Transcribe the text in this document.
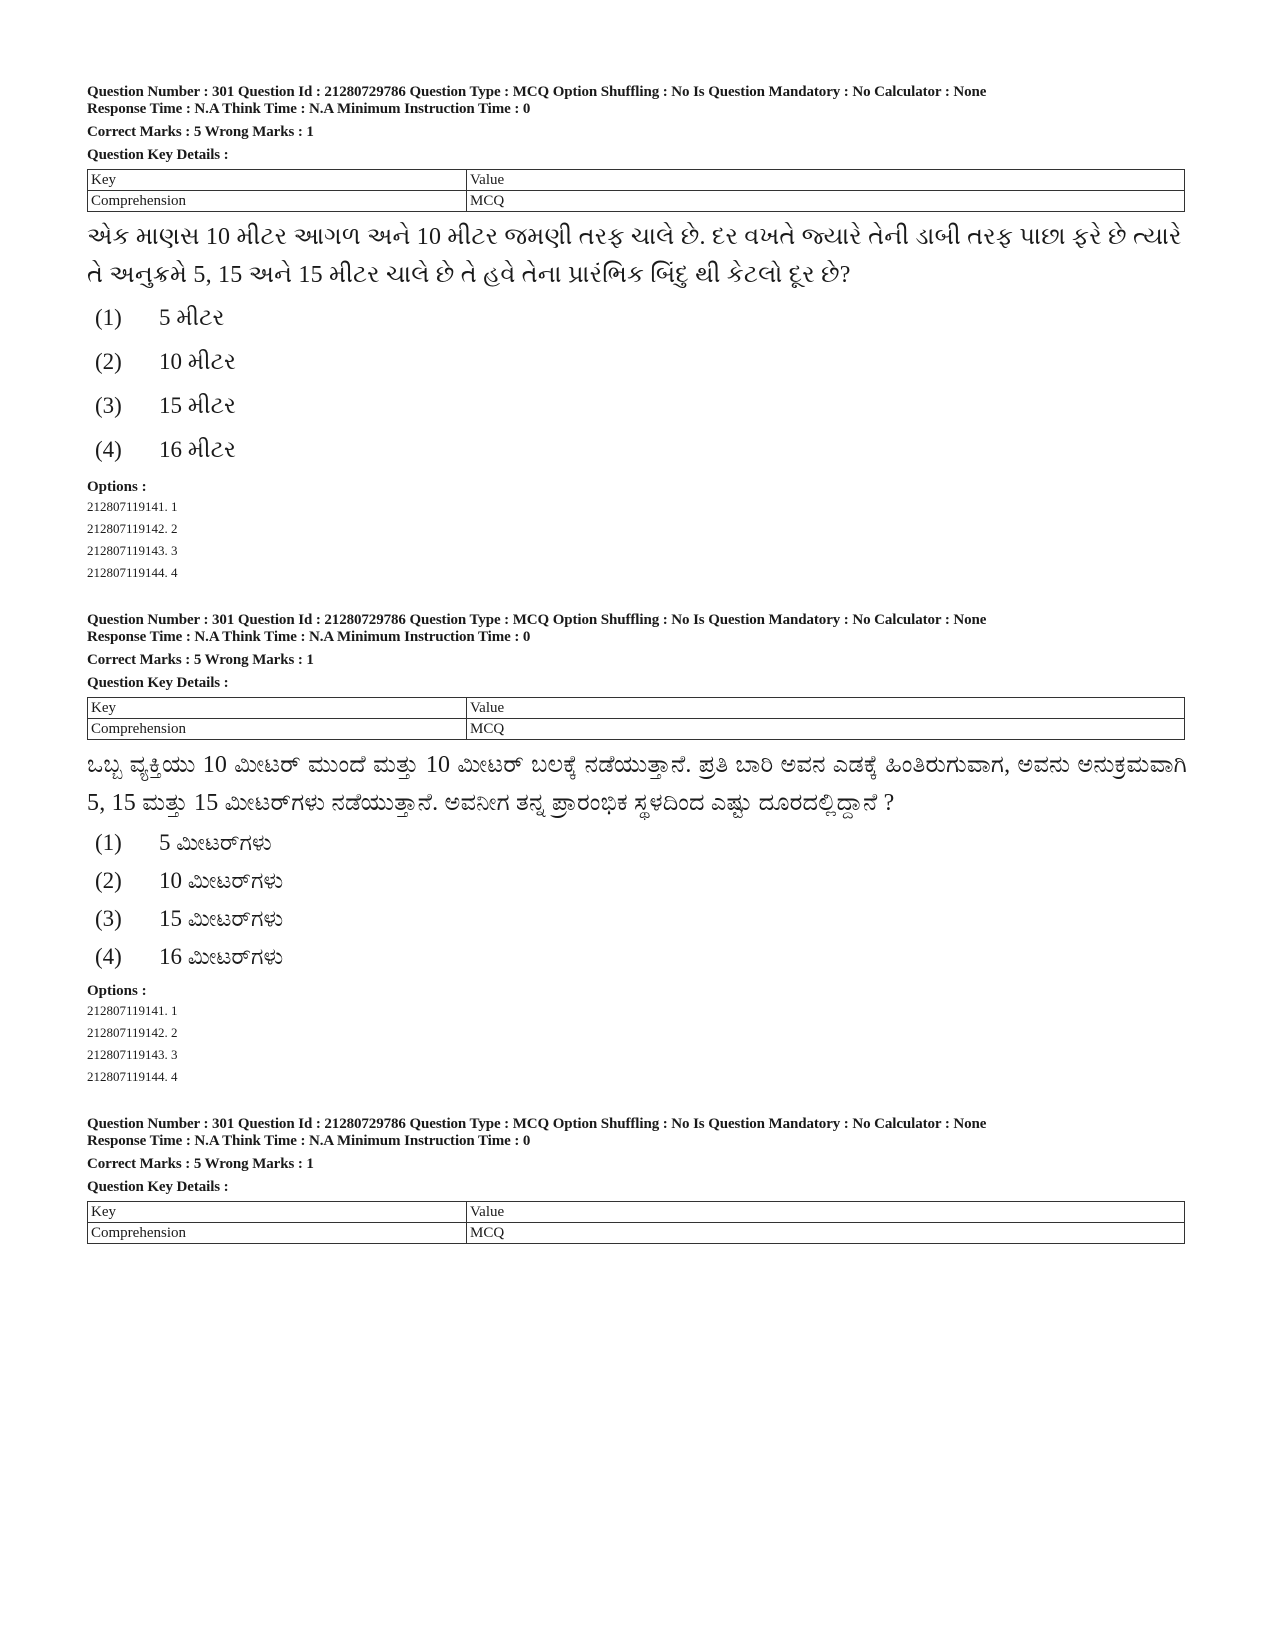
Question Number : 301 Question Id : 21280729786 Question Type : MCQ Option Shuffling : No Is Question Mandatory : No Calculator : None
Response Time : N.A Think Time : N.A Minimum Instruction Time : 0
Correct Marks : 5 Wrong Marks : 1
Question Key Details :
Key	Value
Comprehension	MCQ
એક માણસ 10 મીટર આગળ અને 10 મીટર જમણી તરફ ચાલે છે. દર વખતે જ્યારે તેની ડાબી તરફ પાછા ફરે છે ત્યારે તે અનુક્રમે 5, 15 અને 15 મીટર ચાલે છે તે હવે તેના પ્રારંભિક બિંદુ થી કેટલો દૂર છે?
(1) 5 મીટર
(2) 10 મીટર
(3) 15 મીટર
(4) 16 મીટર
Options :
212807119141. 1
212807119142. 2
212807119143. 3
212807119144. 4
Question Number : 301 Question Id : 21280729786 Question Type : MCQ Option Shuffling : No Is Question Mandatory : No Calculator : None
Response Time : N.A Think Time : N.A Minimum Instruction Time : 0
Correct Marks : 5 Wrong Marks : 1
Question Key Details :
Key	Value
Comprehension	MCQ
ಒಬ್ಬ ವ್ಯಕ್ತಿಯು 10 ಮೀಟರ್ ಮುಂದೆ ಮತ್ತು 10 ಮೀಟರ್ ಬಲಕ್ಕೆ ನಡೆಯುತ್ತಾನೆ. ಪ್ರತಿ ಬಾರಿ ಅವನ ಎಡಕ್ಕೆ ಹಿಂತಿರುಗುವಾಗ, ಅವನು ಅನುಕ್ರಮವಾಗಿ 5, 15 ಮತ್ತು 15 ಮೀಟರ್‌ಗಳು ನಡೆಯುತ್ತಾನೆ. ಅವನೀಗ ತನ್ನ ಪ್ರಾರಂಭಿಕ ಸ್ಥಳದಿಂದ ಎಷ್ಟು ದೂರದಲ್ಲಿದ್ದಾನೆ ?
(1) 5 ಮೀಟರ್‌ಗಳು
(2) 10 ಮೀಟರ್‌ಗಳು
(3) 15 ಮೀಟರ್‌ಗಳು
(4) 16 ಮೀಟರ್‌ಗಳು
Options :
212807119141. 1
212807119142. 2
212807119143. 3
212807119144. 4
Question Number : 301 Question Id : 21280729786 Question Type : MCQ Option Shuffling : No Is Question Mandatory : No Calculator : None
Response Time : N.A Think Time : N.A Minimum Instruction Time : 0
Correct Marks : 5 Wrong Marks : 1
Question Key Details :
Key	Value
Comprehension	MCQ
